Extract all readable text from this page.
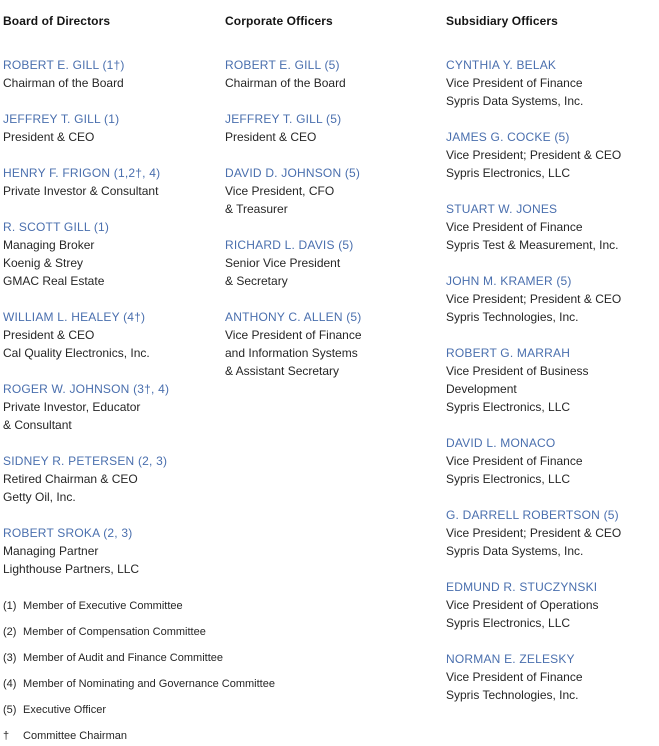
Board of Directors
ROBERT E. GILL (1†)
Chairman of the Board
JEFFREY T. GILL (1)
President & CEO
HENRY F. FRIGON (1,2†, 4)
Private Investor & Consultant
R. SCOTT GILL (1)
Managing Broker
Koenig & Strey
GMAC Real Estate
WILLIAM L. HEALEY (4†)
President & CEO
Cal Quality Electronics, Inc.
ROGER W. JOHNSON (3†, 4)
Private Investor, Educator
& Consultant
SIDNEY R. PETERSEN (2, 3)
Retired Chairman & CEO
Getty Oil, Inc.
ROBERT SROKA (2, 3)
Managing Partner
Lighthouse Partners, LLC
Corporate Officers
ROBERT E. GILL (5)
Chairman of the Board
JEFFREY T. GILL (5)
President & CEO
DAVID D. JOHNSON (5)
Vice President, CFO
& Treasurer
RICHARD L. DAVIS (5)
Senior Vice President
& Secretary
ANTHONY C. ALLEN (5)
Vice President of Finance
and Information Systems
& Assistant Secretary
Subsidiary Officers
CYNTHIA Y. BELAK
Vice President of Finance
Sypris Data Systems, Inc.
JAMES G. COCKE (5)
Vice President; President & CEO
Sypris Electronics, LLC
STUART W. JONES
Vice President of Finance
Sypris Test & Measurement, Inc.
JOHN M. KRAMER (5)
Vice President; President & CEO
Sypris Technologies, Inc.
ROBERT G. MARRAH
Vice President of Business
Development
Sypris Electronics, LLC
DAVID L. MONACO
Vice President of Finance
Sypris Electronics, LLC
G. DARRELL ROBERTSON (5)
Vice President; President & CEO
Sypris Data Systems, Inc.
EDMUND R. STUCZYNSKI
Vice President of Operations
Sypris Electronics, LLC
NORMAN E. ZELESKY
Vice President of Finance
Sypris Technologies, Inc.
(1) Member of Executive Committee
(2) Member of Compensation Committee
(3) Member of Audit and Finance Committee
(4) Member of Nominating and Governance Committee
(5) Executive Officer
† Committee Chairman
